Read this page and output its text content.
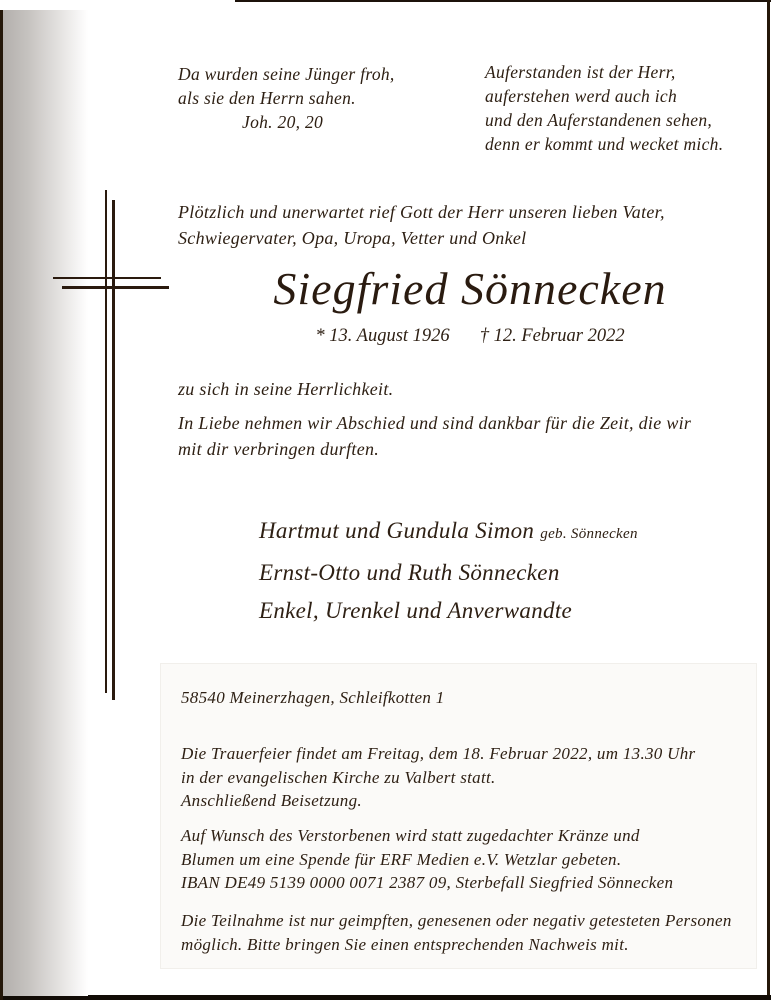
Da wurden seine Jünger froh,
als sie den Herrn sahen.
Joh. 20, 20
Auferstanden ist der Herr,
auferstehen werd auch ich
und den Auferstandenen sehen,
denn er kommt und wecket mich.
Plötzlich und unerwartet rief Gott der Herr unseren lieben Vater,
Schwiegervater, Opa, Uropa, Vetter und Onkel
Siegfried Sönnecken
* 13. August 1926 † 12. Februar 2022
zu sich in seine Herrlichkeit.
In Liebe nehmen wir Abschied und sind dankbar für die Zeit, die wir
mit dir verbringen durften.
Hartmut und Gundula Simon geb. Sönnecken
Ernst-Otto und Ruth Sönnecken
Enkel, Urenkel und Anverwandte
58540 Meinerzhagen, Schleifkotten 1
Die Trauerfeier findet am Freitag, dem 18. Februar 2022, um 13.30 Uhr
in der evangelischen Kirche zu Valbert statt.
Anschließend Beisetzung.
Auf Wunsch des Verstorbenen wird statt zugedachter Kränze und
Blumen um eine Spende für ERF Medien e.V. Wetzlar gebeten.
IBAN DE49 5139 0000 0071 2387 09, Sterbefall Siegfried Sönnecken
Die Teilnahme ist nur geimpften, genesenen oder negativ getesteten Personen
möglich. Bitte bringen Sie einen entsprechenden Nachweis mit.
